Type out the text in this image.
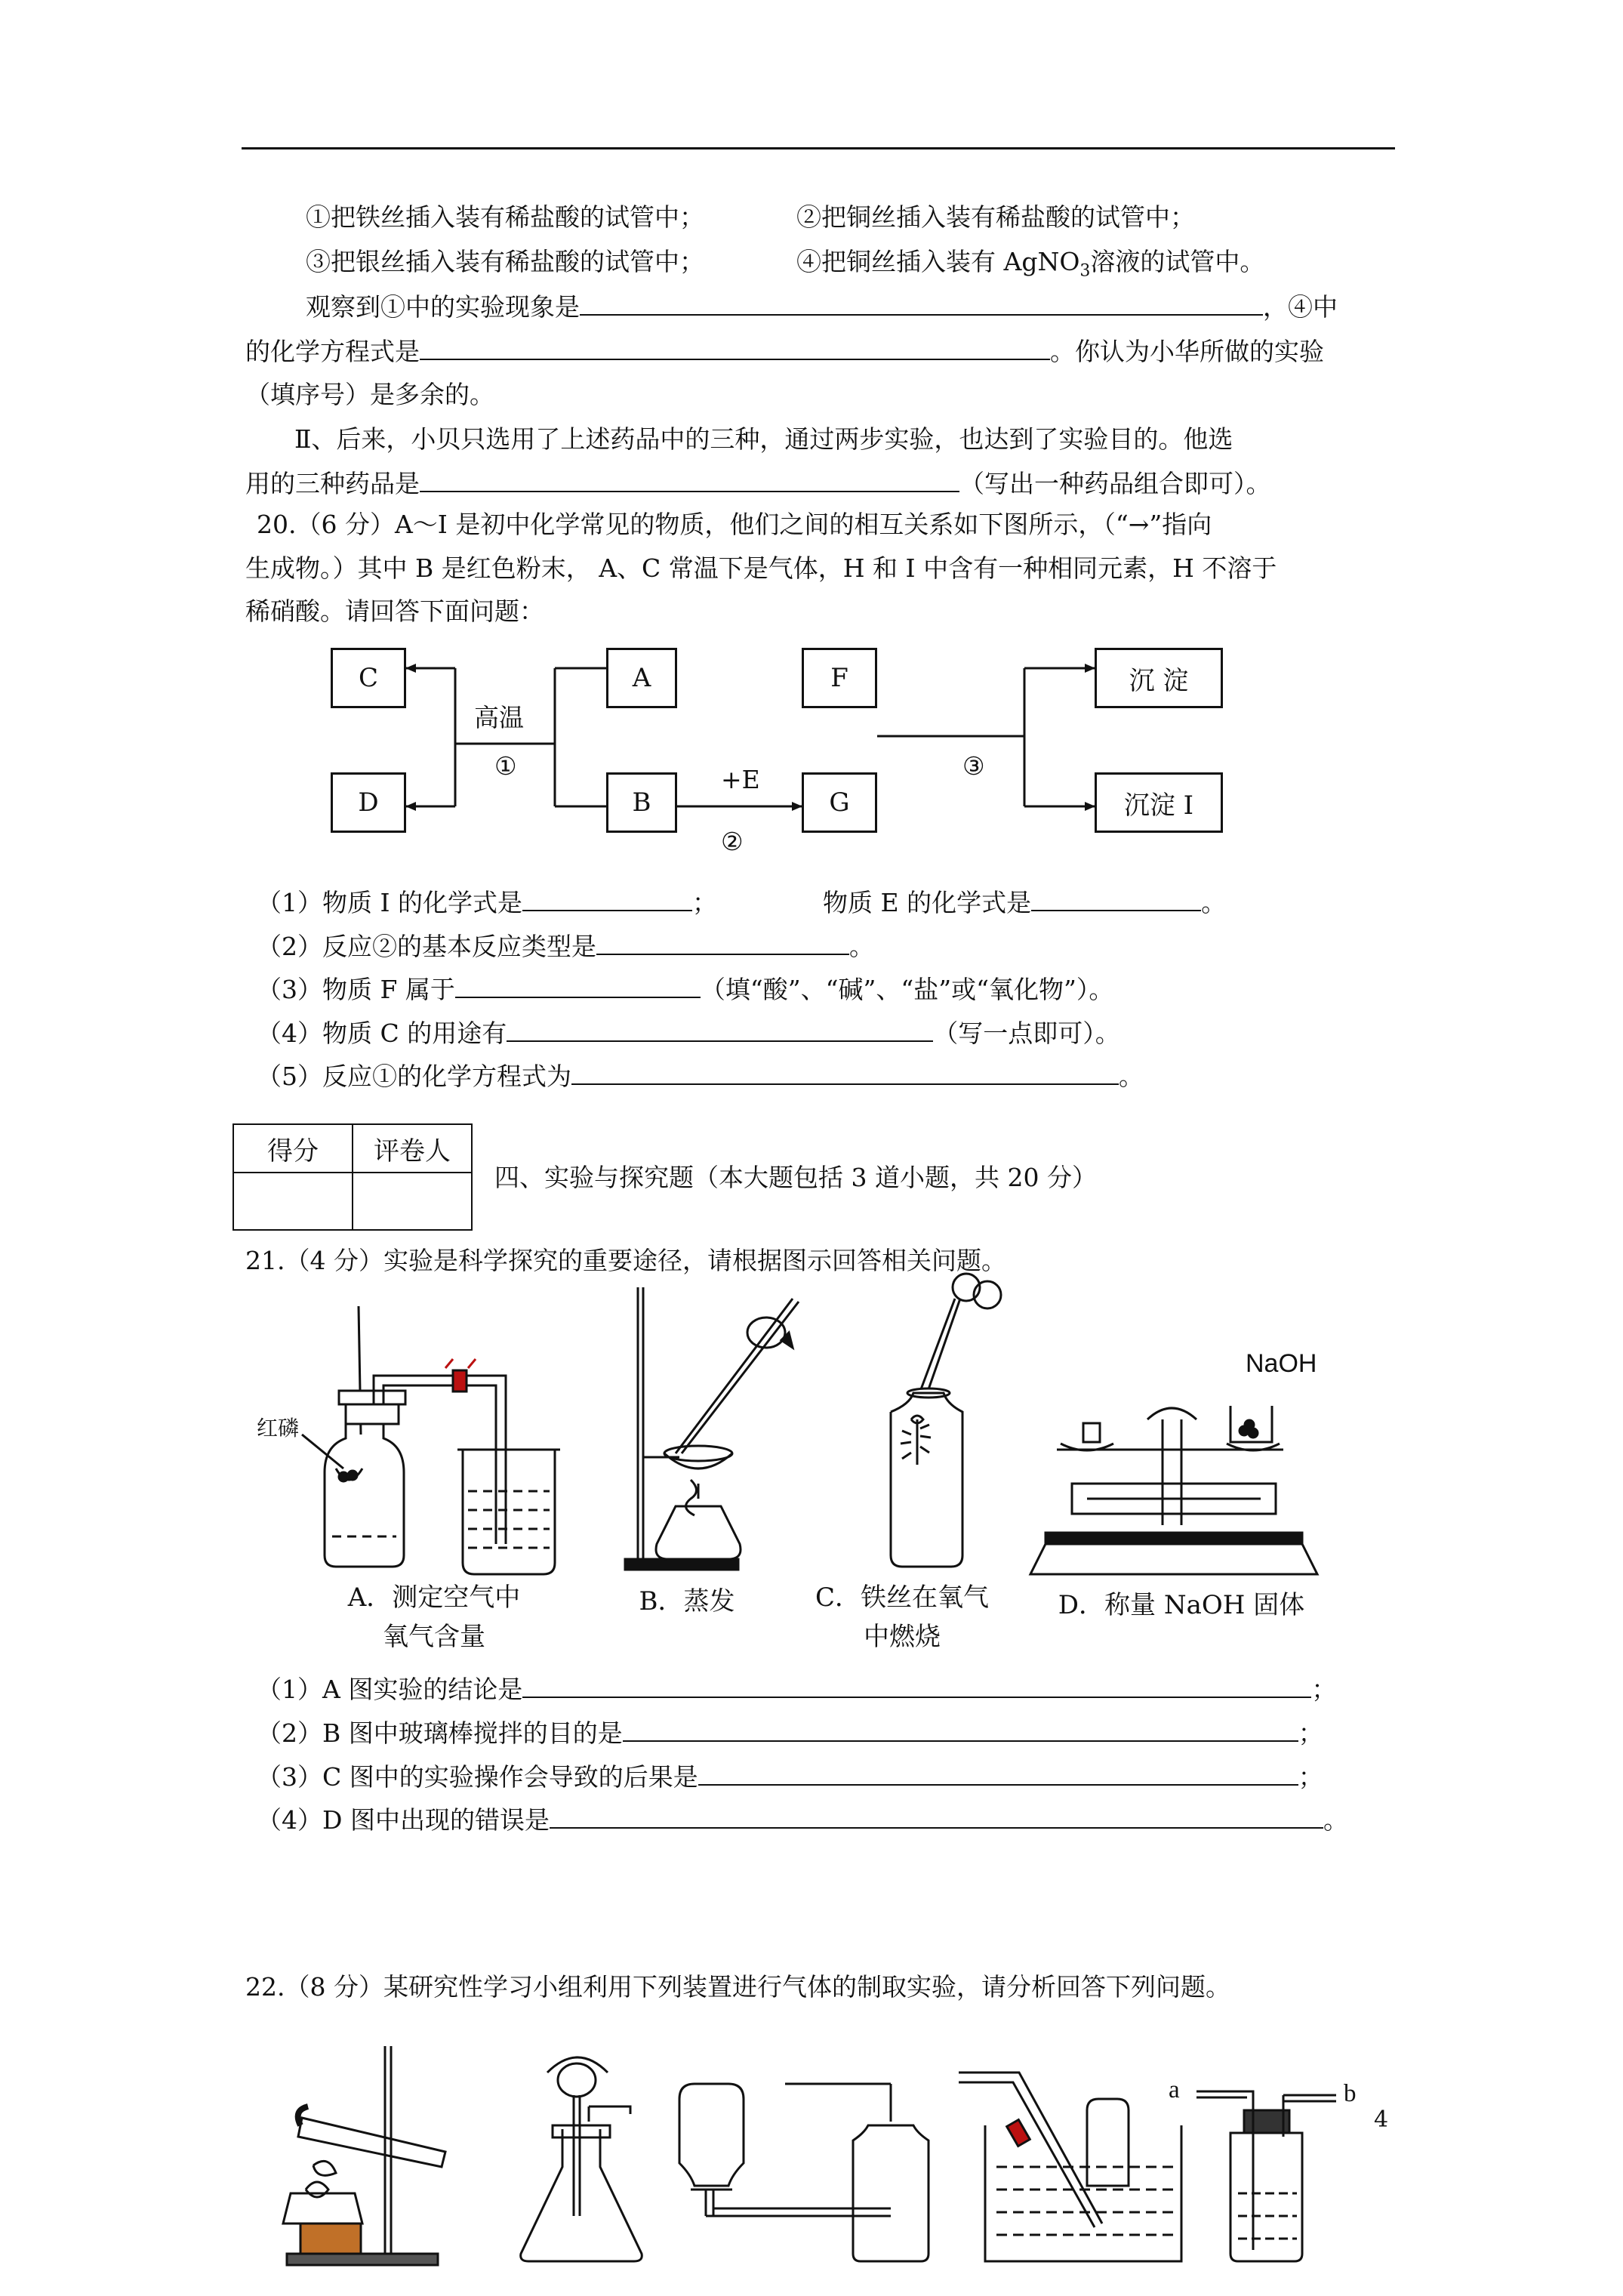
①把铁丝插入装有稀盐酸的试管中；	②把铜丝插入装有稀盐酸的试管中；
③把银丝插入装有稀盐酸的试管中；	④把铜丝插入装有 AgNO$_3$溶液的试管中。
观察到①中的实验现象是	，④中
的化学方程式是	。你认为小华所做的实验
（填序号）是多余的。
Ⅱ、后来，小贝只选用了上述药品中的三种，通过两步实验，也达到了实验目的。他选
用的三种药品是	（写出一种药品组合即可）。
20.（6 分）A～I 是初中化学常见的物质，他们之间的相互关系如下图所示，（“→”指向
生成物。）其中 B 是红色粉末， A、C 常温下是气体，H 和 I 中含有一种相同元素，H 不溶于
稀硝酸。请回答下面问题：
C
D
A
B
F
G
沉 淀
沉淀 I
高温
①	+E
②
③
（1）物质 I 的化学式是	；	物质 E 的化学式是	。
（2）反应②的基本反应类型是	。
（3）物质 F 属于	（填“酸”、“碱”、“盐”或“氧化物”）。
（4）物质 C 的用途有	（写一点即可）。
（5）反应①的化学方程式为	。
得分	评卷人

四、实验与探究题（本大题包括 3 道小题，共 20 分）
21.（4 分）实验是科学探究的重要途径，请根据图示回答相关问题。
红磷
NaOH
A．测定空气中
氧气含量
B．蒸发	C．铁丝在氧气
中燃烧
D．称量 NaOH 固体
（1）A 图实验的结论是	；
（2）B 图中玻璃棒搅拌的目的是	；
（3）C 图中的实验操作会导致的后果是	；
（4）D 图中出现的错误是	。
22.（8 分）某研究性学习小组利用下列装置进行气体的制取实验，请分析回答下列问题。
a	b
4
